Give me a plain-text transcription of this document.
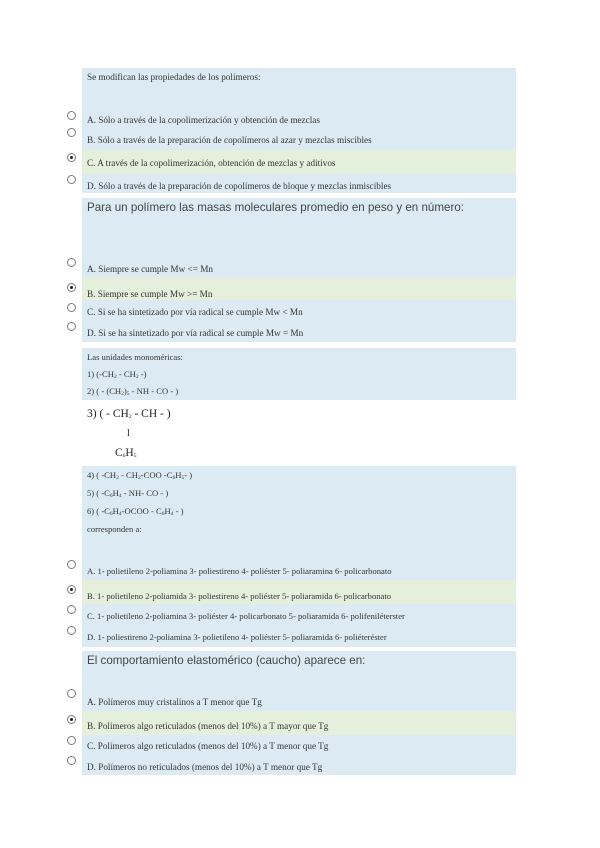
Se modifican las propiedades de los polímeros:
A. Sólo a través de la copolimerización y obtención de mezclas
B. Sólo a través de la preparación de copolímeros al azar y mezclas miscibles
C. A través de la copolimerización, obtención de mezclas y aditivos
D. Sólo a través de la preparación de copolímeros de bloque y mezclas inmiscibles
Para un polímero las masas moleculares promedio en peso y en número:
A. Siempre se cumple Mw <= Mn
B. Siempre se cumple Mw >= Mn
C. Si se ha sintetizado por vía radical se cumple Mw < Mn
D. Si se ha sintetizado por vía radical se cumple Mw = Mn
Las unidades monoméricas:
1) ($-CH_2 - CH_2$ -)
2) ( - $(CH_2)_5$ - NH - CO - )
3) ( - $CH_2$ - CH - )
l
$C_6H_5$
4) ( $-CH_2 - CH_2-COO$ $-C_6H_5-$ )
5) ( $-C_6H_4 - NH-$ CO - )
6) ( $-C_6H_4$-OCOO - $C_6H_4$ - )
corresponden a:
A. 1- polietileno 2-poliamina 3- poliestireno 4- poliéster 5- poliaramina 6- policarbonato
B. 1- polietileno 2-poliamida 3- poliestireno 4- poliéster 5- poliaramida 6- policarbonato
C. 1- polietileno 2-poliamina 3- poliéster 4- policarbonato 5- poliaramida 6- polifeniléterster
D. 1- poliestireno 2-poliamina 3- polietileno 4- poliéster 5- poliaramida 6- poliéteréster
El comportamiento elastomérico (caucho) aparece en:
A. Polímeros muy cristalinos a T menor que Tg
B. Polímeros algo reticulados (menos del 10%) a T mayor que Tg
C. Polímeros algo reticulados (menos del 10%) a T menor que Tg
D. Polímeros no reticulados (menos del 10%) a T menor que Tg
